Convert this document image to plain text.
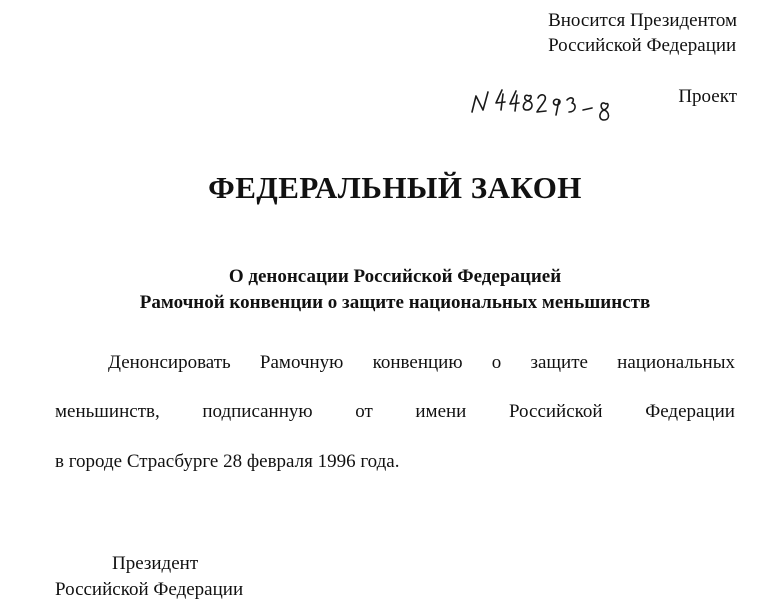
Вносится Президентом
Российской Федерации
Проект
ФЕДЕРАЛЬНЫЙ ЗАКОН
О денонсации Российской Федерацией
Рамочной конвенции о защите национальных меньшинств
Денонсировать Рамочную конвенцию о защите национальных
меньшинств, подписанную от имени Российской Федерации
в городе Страсбурге 28 февраля 1996 года.
Президент
Российской Федерации
